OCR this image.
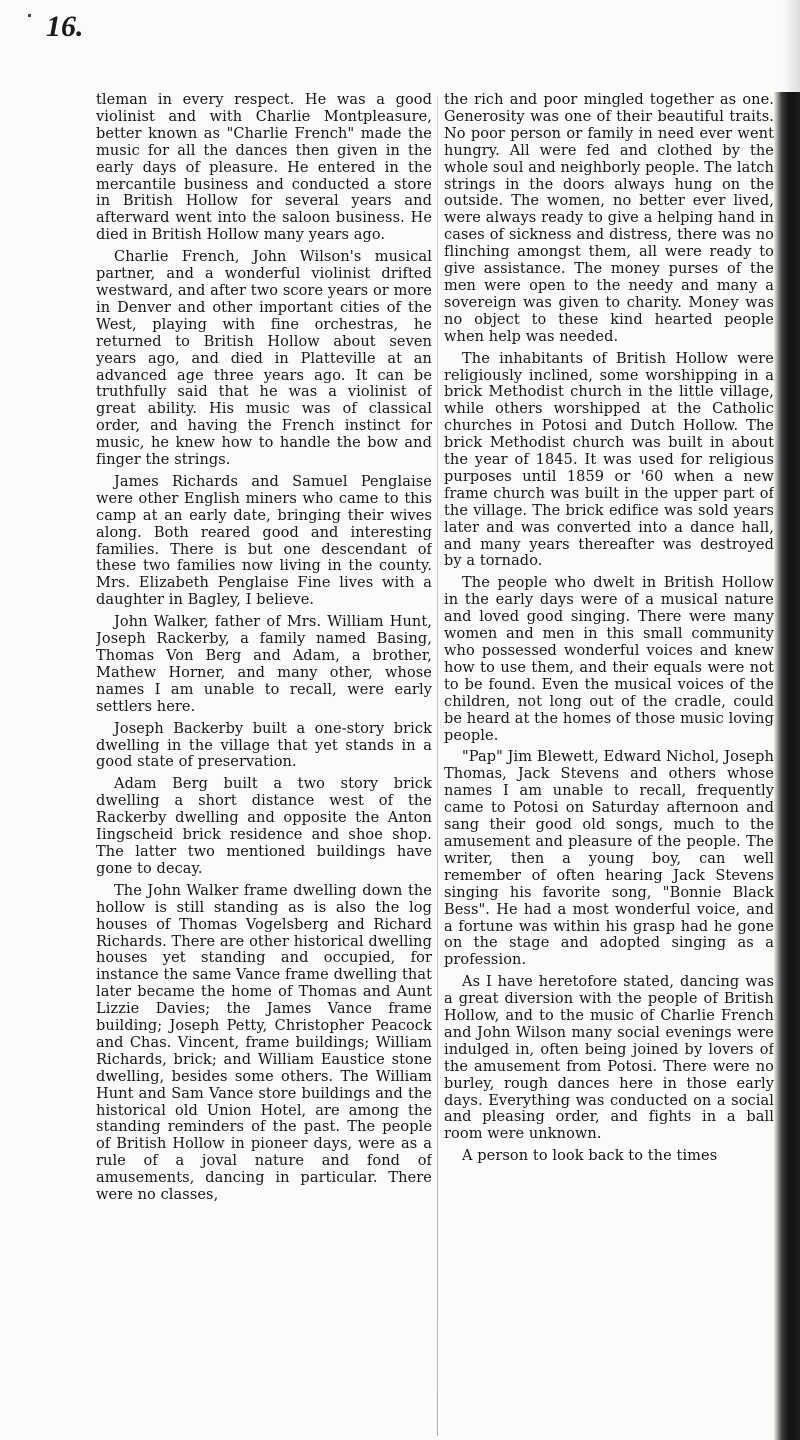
16.

tleman in every respect. He was a good violinist and with Charlie Montpleasure, better known as "Charlie French" made the music for all the dances then given in the early days of pleasure. He entered in the mercantile business and conducted a store in British Hollow for several years and afterward went into the saloon business. He died in British Hollow many years ago.

Charlie French, John Wilson's musical partner, and a wonderful violinist drifted westward, and after two score years or more in Denver and other important cities of the West, playing with fine orchestras, he returned to British Hollow about seven years ago, and died in Platteville at an advanced age three years ago. It can be truthfully said that he was a violinist of great ability. His music was of classical order, and having the French instinct for music, he knew how to handle the bow and finger the strings.

James Richards and Samuel Penglaise were other English miners who came to this camp at an early date, bringing their wives along. Both reared good and interesting families. There is but one descendant of these two families now living in the county. Mrs. Elizabeth Penglaise Fine lives with a daughter in Bagley, I believe.

John Walker, father of Mrs. William Hunt, Joseph Rackerby, a family named Basing, Thomas Von Berg and Adam, a brother, Mathew Horner, and many other, whose names I am unable to recall, were early settlers here.

Joseph Backerby built a one-story brick dwelling in the village that yet stands in a good state of preservation.

Adam Berg built a two story brick dwelling a short distance west of the Rackerby dwelling and opposite the Anton Iingscheid brick residence and shoe shop. The latter two mentioned buildings have gone to decay.

The John Walker frame dwelling down the hollow is still standing as is also the log houses of Thomas Vogelsberg and Richard Richards. There are other historical dwelling houses yet standing and occupied, for instance the same Vance frame dwelling that later became the home of Thomas and Aunt Lizzie Davies; the James Vance frame building; Joseph Petty, Christopher Peacock and Chas. Vincent, frame buildings; William Richards, brick; and William Eaustice stone dwelling, besides some others. The William Hunt and Sam Vance store buildings and the historical old Union Hotel, are among the standing reminders of the past. The people of British Hollow in pioneer days, were as a rule of a joval nature and fond of amusements, dancing in particular. There were no classes,

the rich and poor mingled together as one. Generosity was one of their beautiful traits. No poor person or family in need ever went hungry. All were fed and clothed by the whole soul and neighborly people. The latch strings in the doors always hung on the outside. The women, no better ever lived, were always ready to give a helping hand in cases of sickness and distress, there was no flinching amongst them, all were ready to give assistance. The money purses of the men were open to the needy and many a sovereign was given to charity. Money was no object to these kind hearted people when help was needed.

The inhabitants of British Hollow were religiously inclined, some worshipping in a brick Methodist church in the little village, while others worshipped at the Catholic churches in Potosi and Dutch Hollow. The brick Methodist church was built in about the year of 1845. It was used for religious purposes until 1859 or '60 when a new frame church was built in the upper part of the village. The brick edifice was sold years later and was converted into a dance hall, and many years thereafter was destroyed by a tornado.

The people who dwelt in British Hollow in the early days were of a musical nature and loved good singing. There were many women and men in this small community who possessed wonderful voices and knew how to use them, and their equals were not to be found. Even the musical voices of the children, not long out of the cradle, could be heard at the homes of those music loving people.

"Pap" Jim Blewett, Edward Nichol, Joseph Thomas, Jack Stevens and others whose names I am unable to recall, frequently came to Potosi on Saturday afternoon and sang their good old songs, much to the amusement and pleasure of the people. The writer, then a young boy, can well remember of often hearing Jack Stevens singing his favorite song, "Bonnie Black Bess". He had a most wonderful voice, and a fortune was within his grasp had he gone on the stage and adopted singing as a profession.

As I have heretofore stated, dancing was a great diversion with the people of British Hollow, and to the music of Charlie French and John Wilson many social evenings were indulged in, often being joined by lovers of the amusement from Potosi. There were no burley, rough dances here in those early days. Everything was conducted on a social and pleasing order, and fights in a ball room were unknown.

A person to look back to the times
